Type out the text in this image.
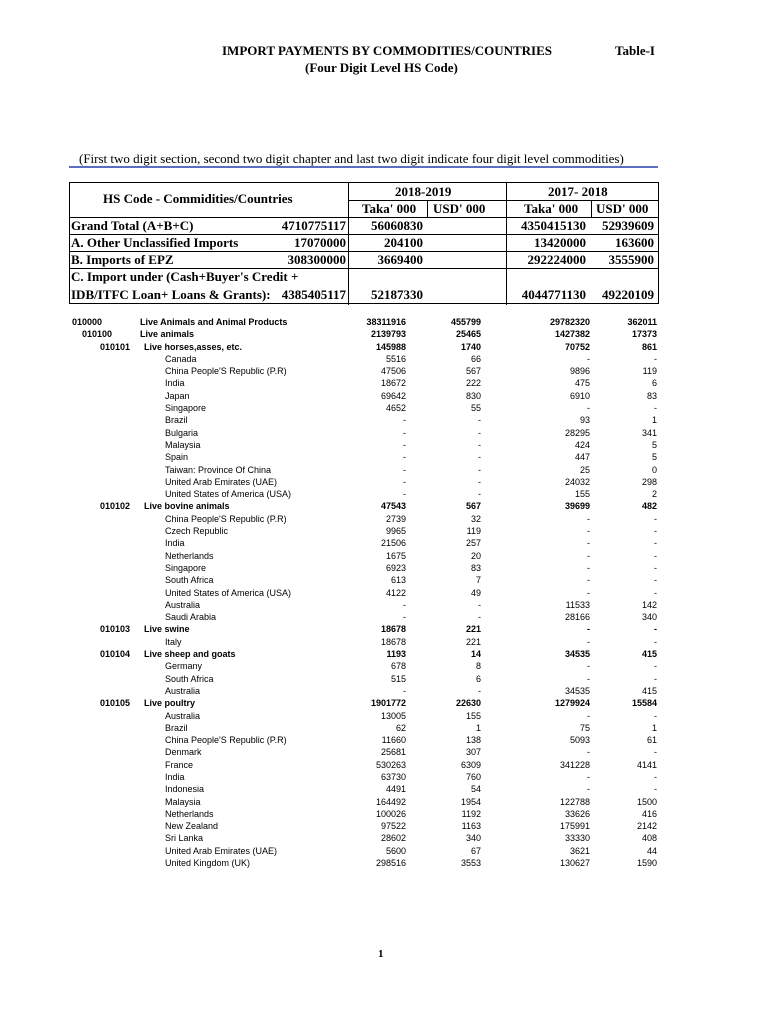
IMPORT PAYMENTS BY COMMODITIES/COUNTRIES	Table-I
(Four Digit Level HS Code)
(First two digit section, second two digit chapter and last two digit indicate four digit level commodities)
HS Code - Commidities/Countries	2018-2019	2017- 2018
Taka' 000 USD' 000	Taka' 000 USD' 000
Grand Total (A+B+C)	4710775117 56060830	4350415130 52939609
A. Other Unclassified Imports	17070000	204100	13420000 163600
B. Imports of EPZ	308300000 3669400	292224000 3555900
C. Import under (Cash+Buyer's Credit +
IDB/ITFC Loan+ Loans & Grants): 4385405117 52187330	4044771130 49220109
010000	Live Animals and Animal Products	38311916	455799	29782320	362011
010100	Live animals	2139793	25465	1427382	17373
010101 Live horses,asses, etc.	145988	1740	70752	861
Canada	5516	66	-	-
China People'S Republic (P.R)	47506	567	9896	119
India	18672	222	475	6
Japan	69642	830	6910	83
Singapore	4652	55	-	-
Brazil	-	-	93	1
Bulgaria	-	-	28295	341
Malaysia	-	-	424	5
Spain	-	-	447	5
Taiwan: Province Of China	-	-	25	0
United Arab Emirates (UAE)	-	-	24032	298
United States of America (USA)	-	-	155	2
010102 Live bovine animals	47543	567	39699	482
China People'S Republic (P.R)	2739	32	-	-
Czech Republic	9965	119	-	-
India	21506	257	-	-
Netherlands	1675	20	-	-
Singapore	6923	83	-	-
South Africa	613	7	-	-
United States of America (USA)	4122	49	-	-
Australia	-	-	11533	142
Saudi Arabia	-	-	28166	340
010103 Live swine	18678	221	-	-
Italy	18678	221	-	-
010104 Live sheep and goats	1193	14	34535	415
Germany	678	8	-	-
South Africa	515	6	-	-
Australia	-	-	34535	415
010105 Live poultry	1901772	22630	1279924	15584
Australia	13005	155	-	-
Brazil	62	1	75	1
China People'S Republic (P.R)	11660	138	5093	61
Denmark	25681	307	-	-
France	530263	6309	341228	4141
India	63730	760	-	-
Indonesia	4491	54	-	-
Malaysia	164492	1954	122788	1500
Netherlands	100026	1192	33626	416
New Zealand	97522	1163	175991	2142
Sri Lanka	28602	340	33330	408
United Arab Emirates (UAE)	5600	67	3621	44
United Kingdom (UK)	298516	3553	130627	1590
1
